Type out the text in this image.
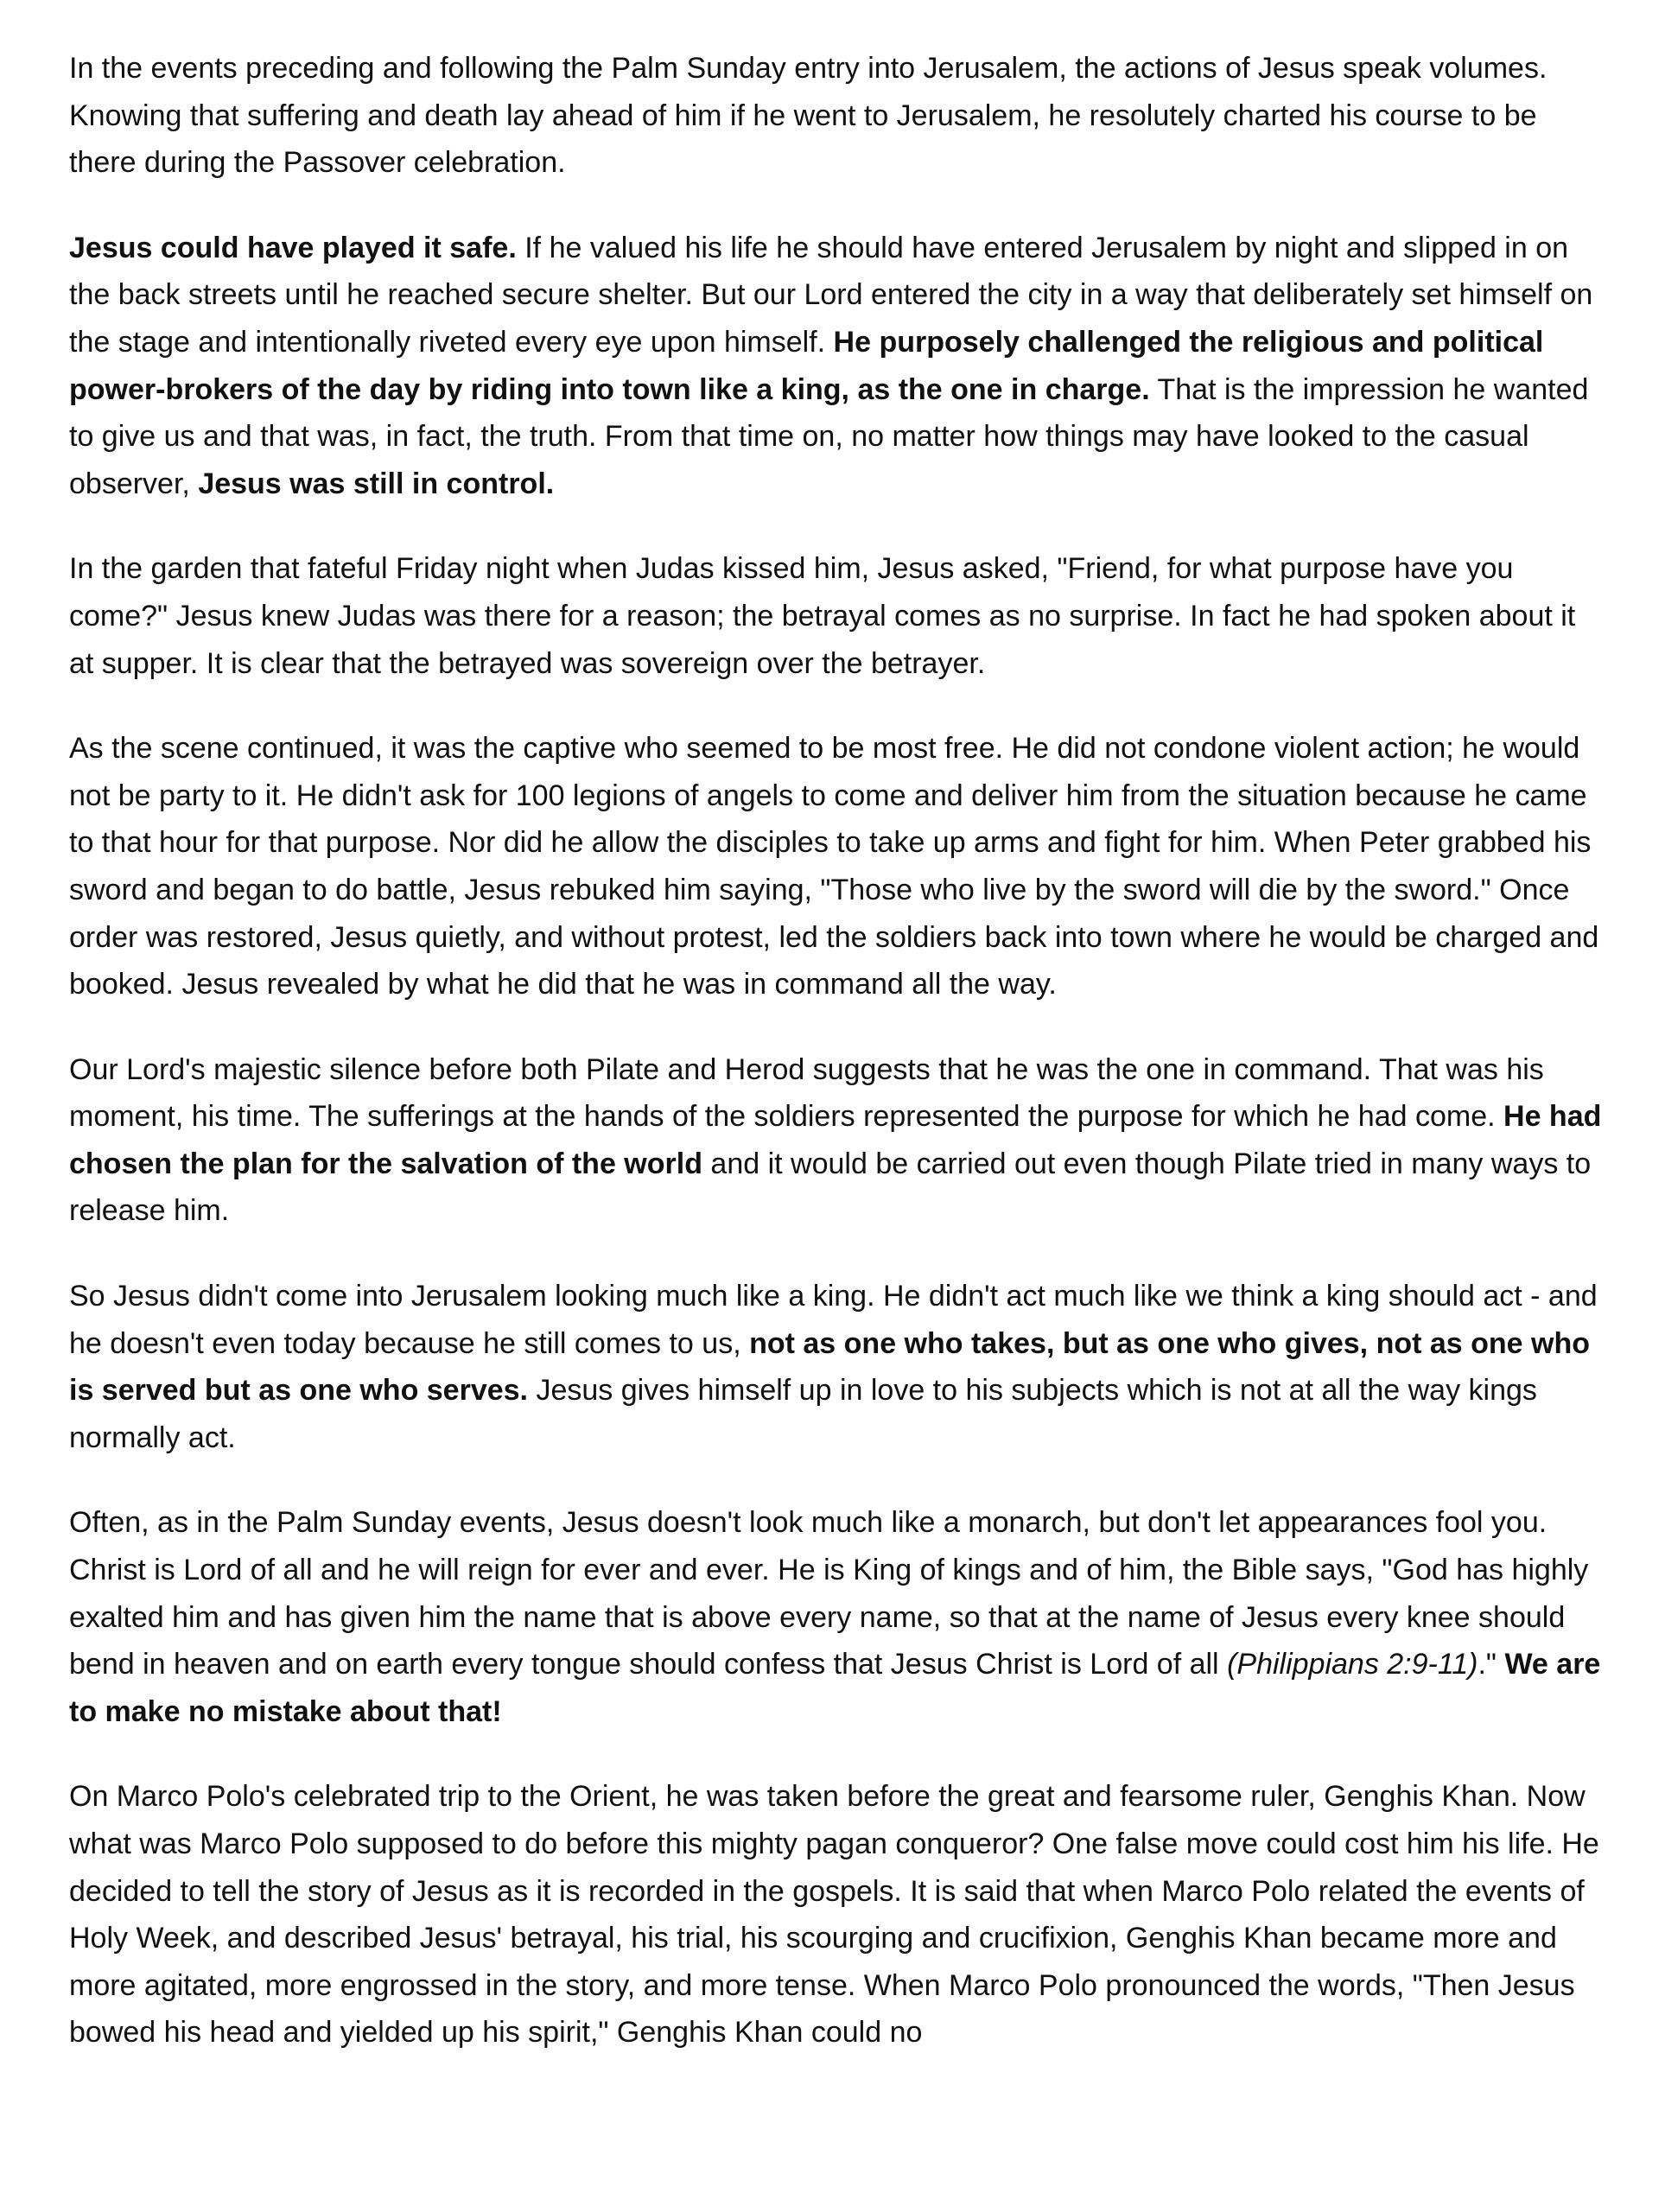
In the events preceding and following the Palm Sunday entry into Jerusalem, the actions of Jesus speak volumes. Knowing that suffering and death lay ahead of him if he went to Jerusalem, he resolutely charted his course to be there during the Passover celebration.

Jesus could have played it safe. If he valued his life he should have entered Jerusalem by night and slipped in on the back streets until he reached secure shelter. But our Lord entered the city in a way that deliberately set himself on the stage and intentionally riveted every eye upon himself. He purposely challenged the religious and political power-brokers of the day by riding into town like a king, as the one in charge. That is the impression he wanted to give us and that was, in fact, the truth. From that time on, no matter how things may have looked to the casual observer, Jesus was still in control.

In the garden that fateful Friday night when Judas kissed him, Jesus asked, "Friend, for what purpose have you come?" Jesus knew Judas was there for a reason; the betrayal comes as no surprise. In fact he had spoken about it at supper. It is clear that the betrayed was sovereign over the betrayer.

As the scene continued, it was the captive who seemed to be most free. He did not condone violent action; he would not be party to it. He didn't ask for 100 legions of angels to come and deliver him from the situation because he came to that hour for that purpose. Nor did he allow the disciples to take up arms and fight for him. When Peter grabbed his sword and began to do battle, Jesus rebuked him saying, "Those who live by the sword will die by the sword." Once order was restored, Jesus quietly, and without protest, led the soldiers back into town where he would be charged and booked. Jesus revealed by what he did that he was in command all the way.

Our Lord's majestic silence before both Pilate and Herod suggests that he was the one in command. That was his moment, his time. The sufferings at the hands of the soldiers represented the purpose for which he had come. He had chosen the plan for the salvation of the world and it would be carried out even though Pilate tried in many ways to release him.

So Jesus didn't come into Jerusalem looking much like a king. He didn't act much like we think a king should act - and he doesn't even today because he still comes to us, not as one who takes, but as one who gives, not as one who is served but as one who serves. Jesus gives himself up in love to his subjects which is not at all the way kings normally act.

Often, as in the Palm Sunday events, Jesus doesn't look much like a monarch, but don't let appearances fool you. Christ is Lord of all and he will reign for ever and ever. He is King of kings and of him, the Bible says, "God has highly exalted him and has given him the name that is above every name, so that at the name of Jesus every knee should bend in heaven and on earth every tongue should confess that Jesus Christ is Lord of all (Philippians 2:9-11)." We are to make no mistake about that!

On Marco Polo's celebrated trip to the Orient, he was taken before the great and fearsome ruler, Genghis Khan. Now what was Marco Polo supposed to do before this mighty pagan conqueror? One false move could cost him his life. He decided to tell the story of Jesus as it is recorded in the gospels. It is said that when Marco Polo related the events of Holy Week, and described Jesus' betrayal, his trial, his scourging and crucifixion, Genghis Khan became more and more agitated, more engrossed in the story, and more tense. When Marco Polo pronounced the words, "Then Jesus bowed his head and yielded up his spirit," Genghis Khan could no
